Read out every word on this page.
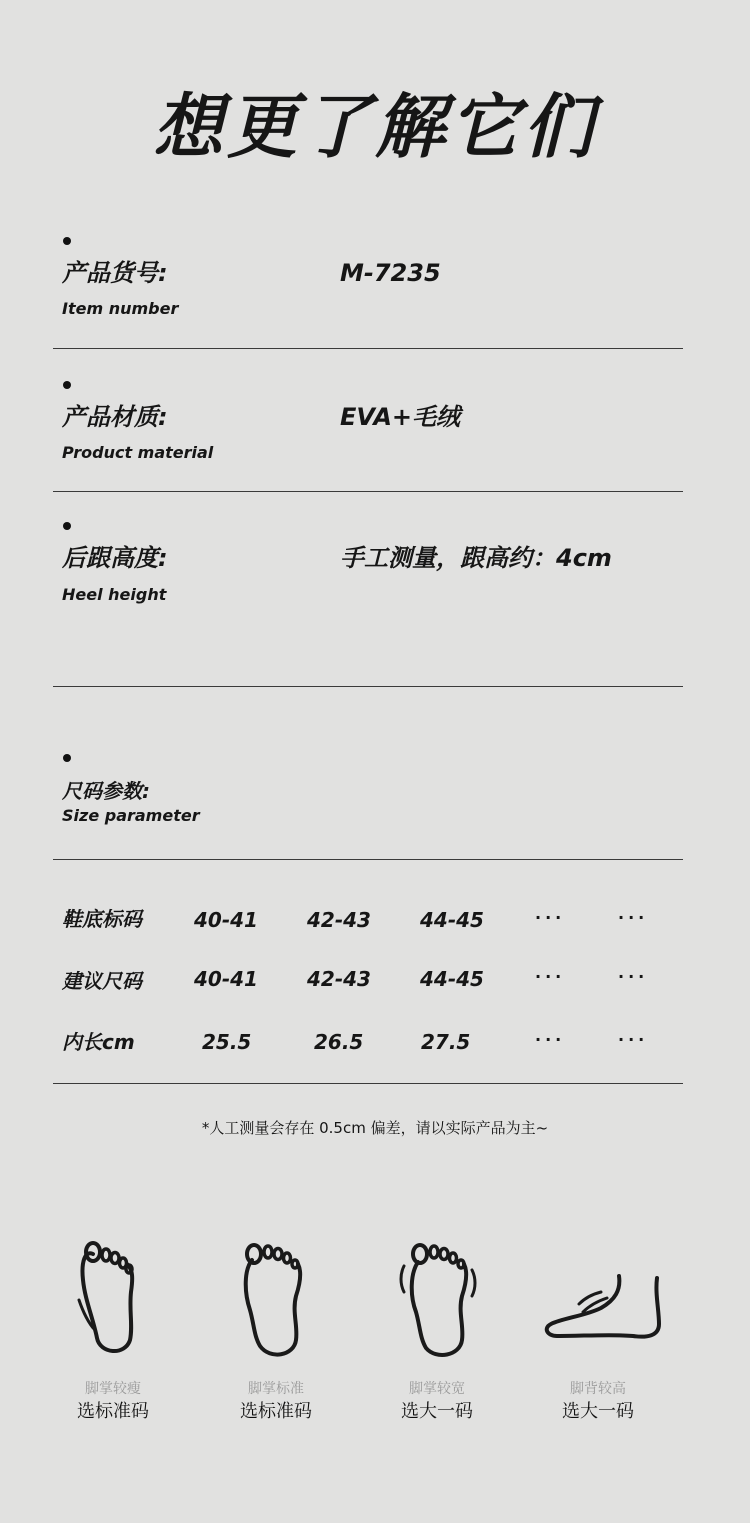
想更了解它们
产品货号:
Item number
M-7235
产品材质:
Product material
EVA+毛绒
后跟高度:
Heel height
手工测量，跟高约：4cm
尺码参数:
Size parameter
鞋底标码	40-41 42-43 44-45	···	···
建议尺码	40-41 42-43 44-45	···	···
内长cm	25.5	26.5	27.5	···	···
*人工测量会存在 0.5cm 偏差，请以实际产品为主~
脚掌较瘦
选标准码
脚掌标准
选标准码
脚掌较宽
选大一码
脚背较高
选大一码
